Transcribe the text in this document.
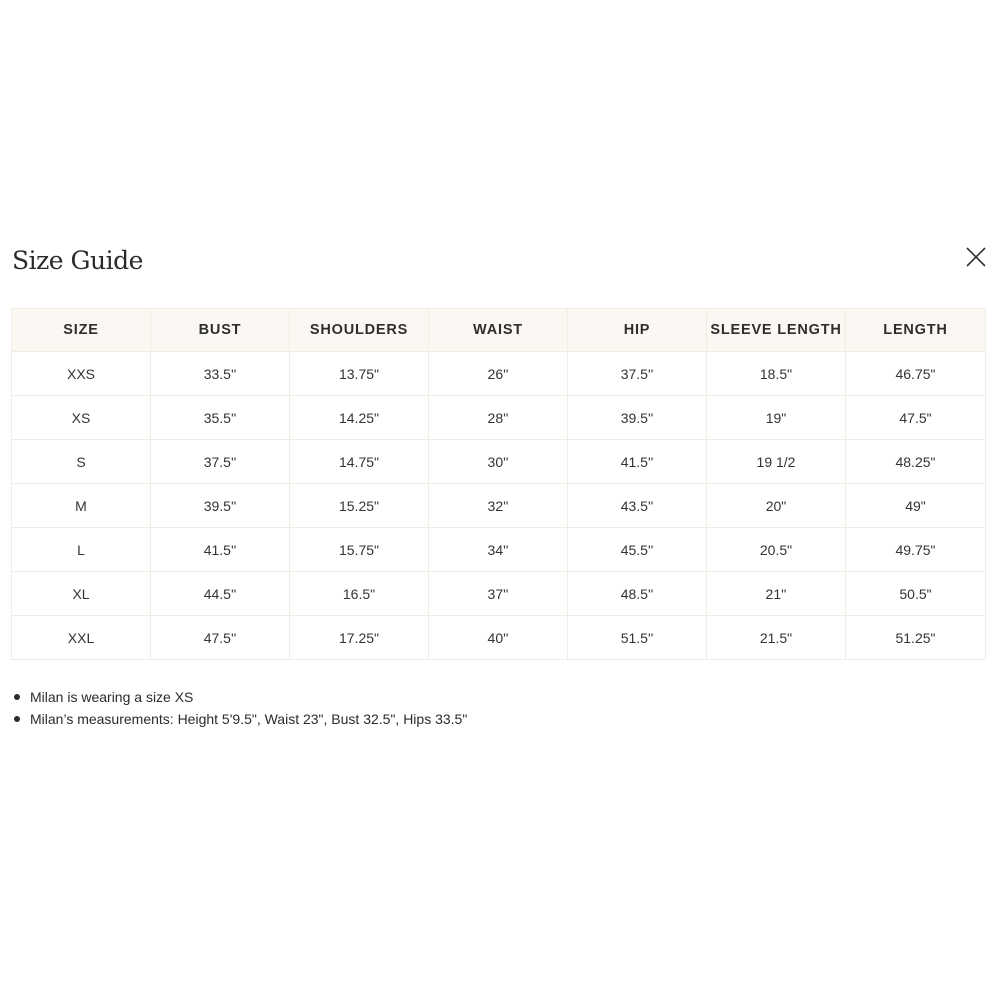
Size Guide
SIZE	BUST	SHOULDERS	WAIST	HIP	SLEEVE LENGTH	LENGTH
XXS	33.5''	13.75"	26''	37.5''	18.5"	46.75"
XS	35.5''	14.25"	28''	39.5''	19"	47.5"
S	37.5''	14.75"	30''	41.5''	19 1/2	48.25"
M	39.5''	15.25"	32''	43.5''	20"	49"
L	41.5''	15.75"	34''	45.5''	20.5"	49.75"
XL	44.5''	16.5"	37''	48.5''	21''	50.5"
XXL	47.5''	17.25"	40''	51.5''	21.5"	51.25"
Milan is wearing a size XS
Milan’s measurements: Height 5'9.5", Waist 23", Bust 32.5", Hips 33.5"
